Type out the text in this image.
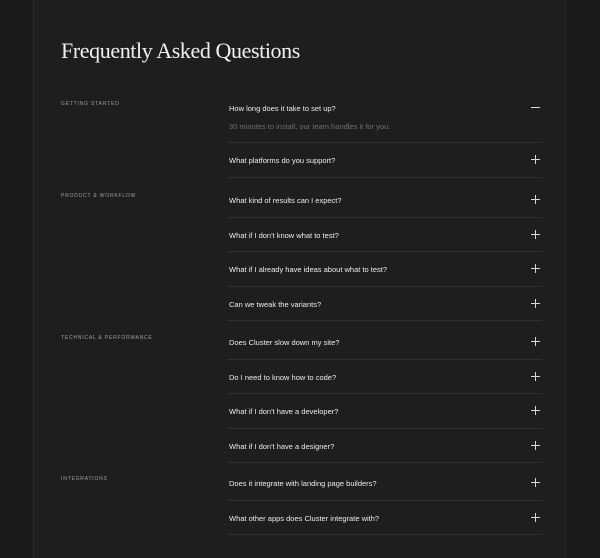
Frequently Asked Questions
GETTING STARTED	How long does it take to set up?
30 minutes to install, our team handles it for you.
What platforms do you support?
PRODUCT & WORKFLOW	What kind of results can I expect?
What if I don't know what to test?
What if I already have ideas about what to test?
Can we tweak the variants?
TECHNICAL & PERFORMANCE	Does Cluster slow down my site?
Do I need to know how to code?
What if I don't have a developer?
What if I don't have a designer?
INTEGRATIONS	Does it integrate with landing page builders?
What other apps does Cluster integrate with?
